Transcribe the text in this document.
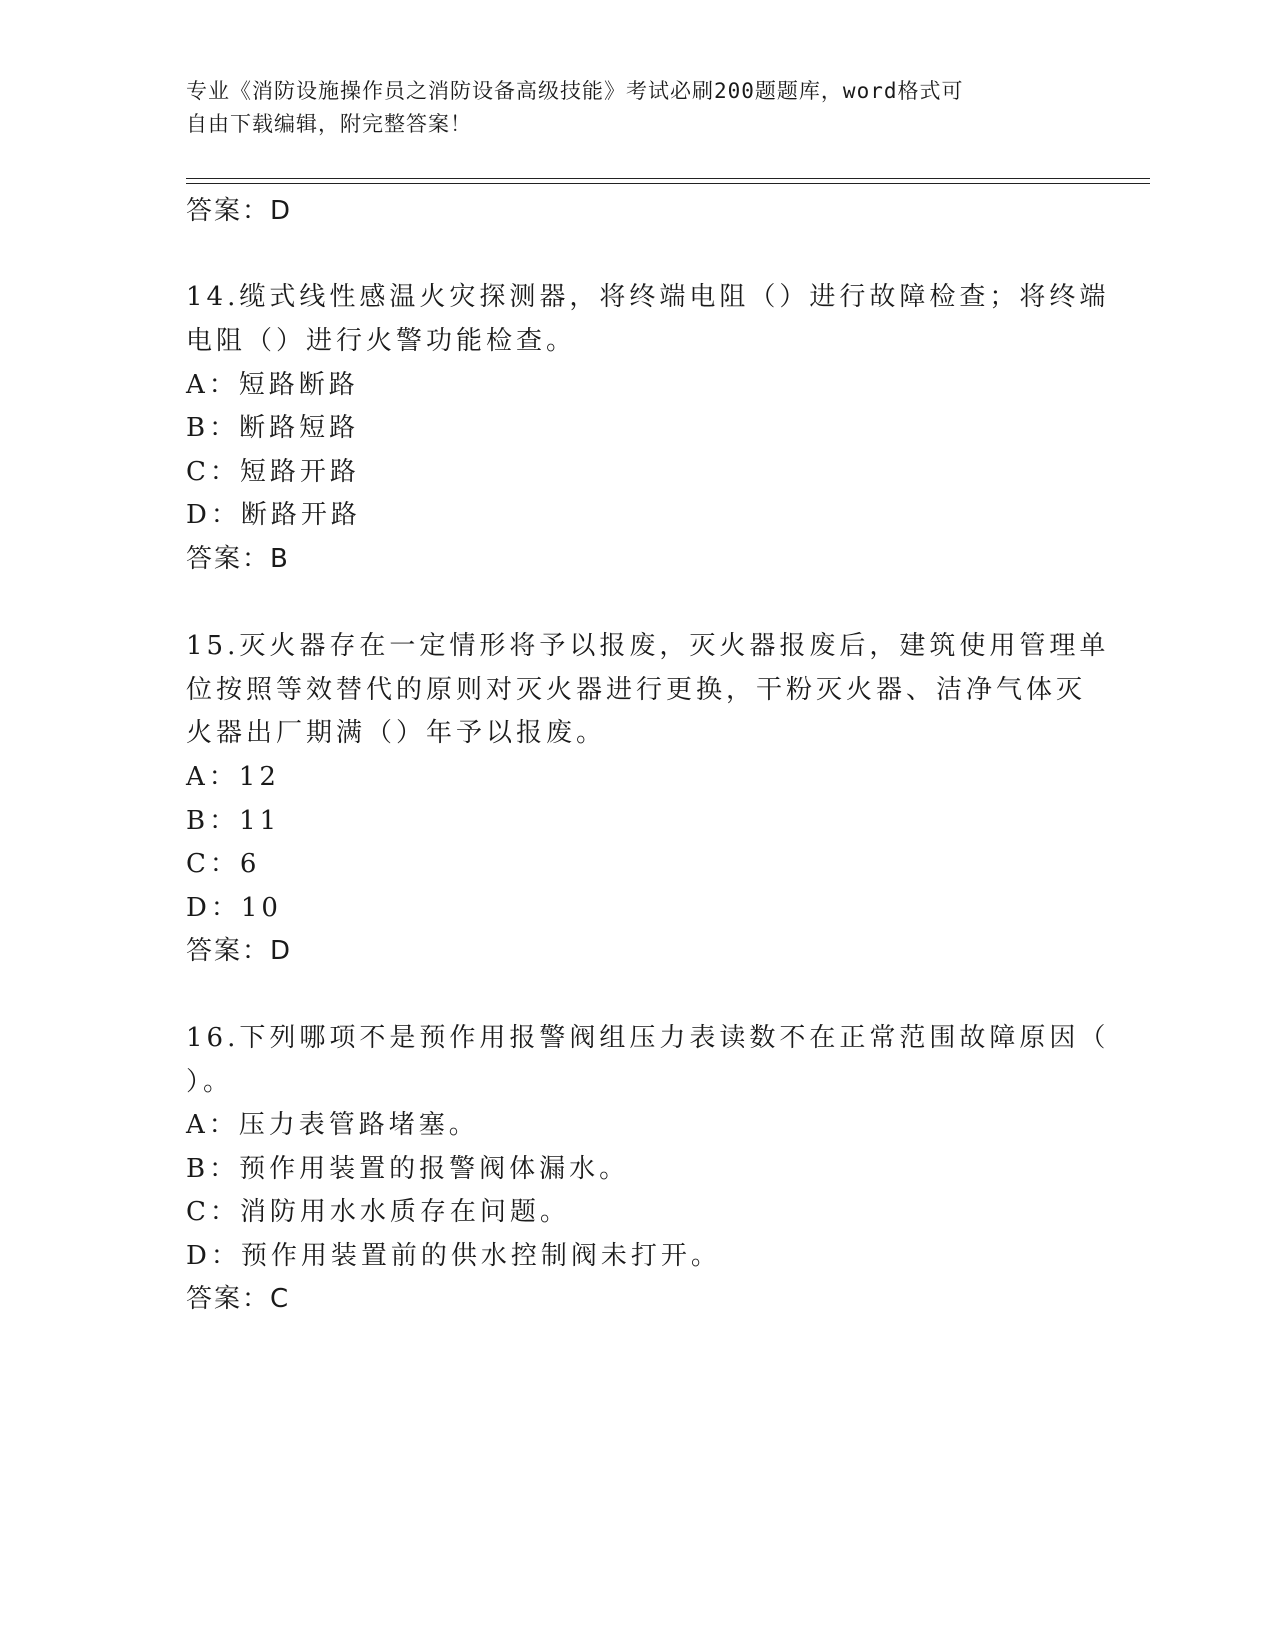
专业《消防设施操作员之消防设备高级技能》考试必刷200题题库，word格式可
自由下载编辑，附完整答案！
答案：D
14.缆式线性感温火灾探测器，将终端电阻（）进行故障检查；将终端
电阻（）进行火警功能检查。
A：短路断路
B：断路短路
C：短路开路
D：断路开路
答案：B
15.灭火器存在一定情形将予以报废，灭火器报废后，建筑使用管理单
位按照等效替代的原则对灭火器进行更换，干粉灭火器、洁净气体灭
火器出厂期满（）年予以报废。
A：12
B：11
C：6
D：10
答案：D
16.下列哪项不是预作用报警阀组压力表读数不在正常范围故障原因（
）。
A：压力表管路堵塞。
B：预作用装置的报警阀体漏水。
C：消防用水水质存在问题。
D：预作用装置前的供水控制阀未打开。
答案：C
